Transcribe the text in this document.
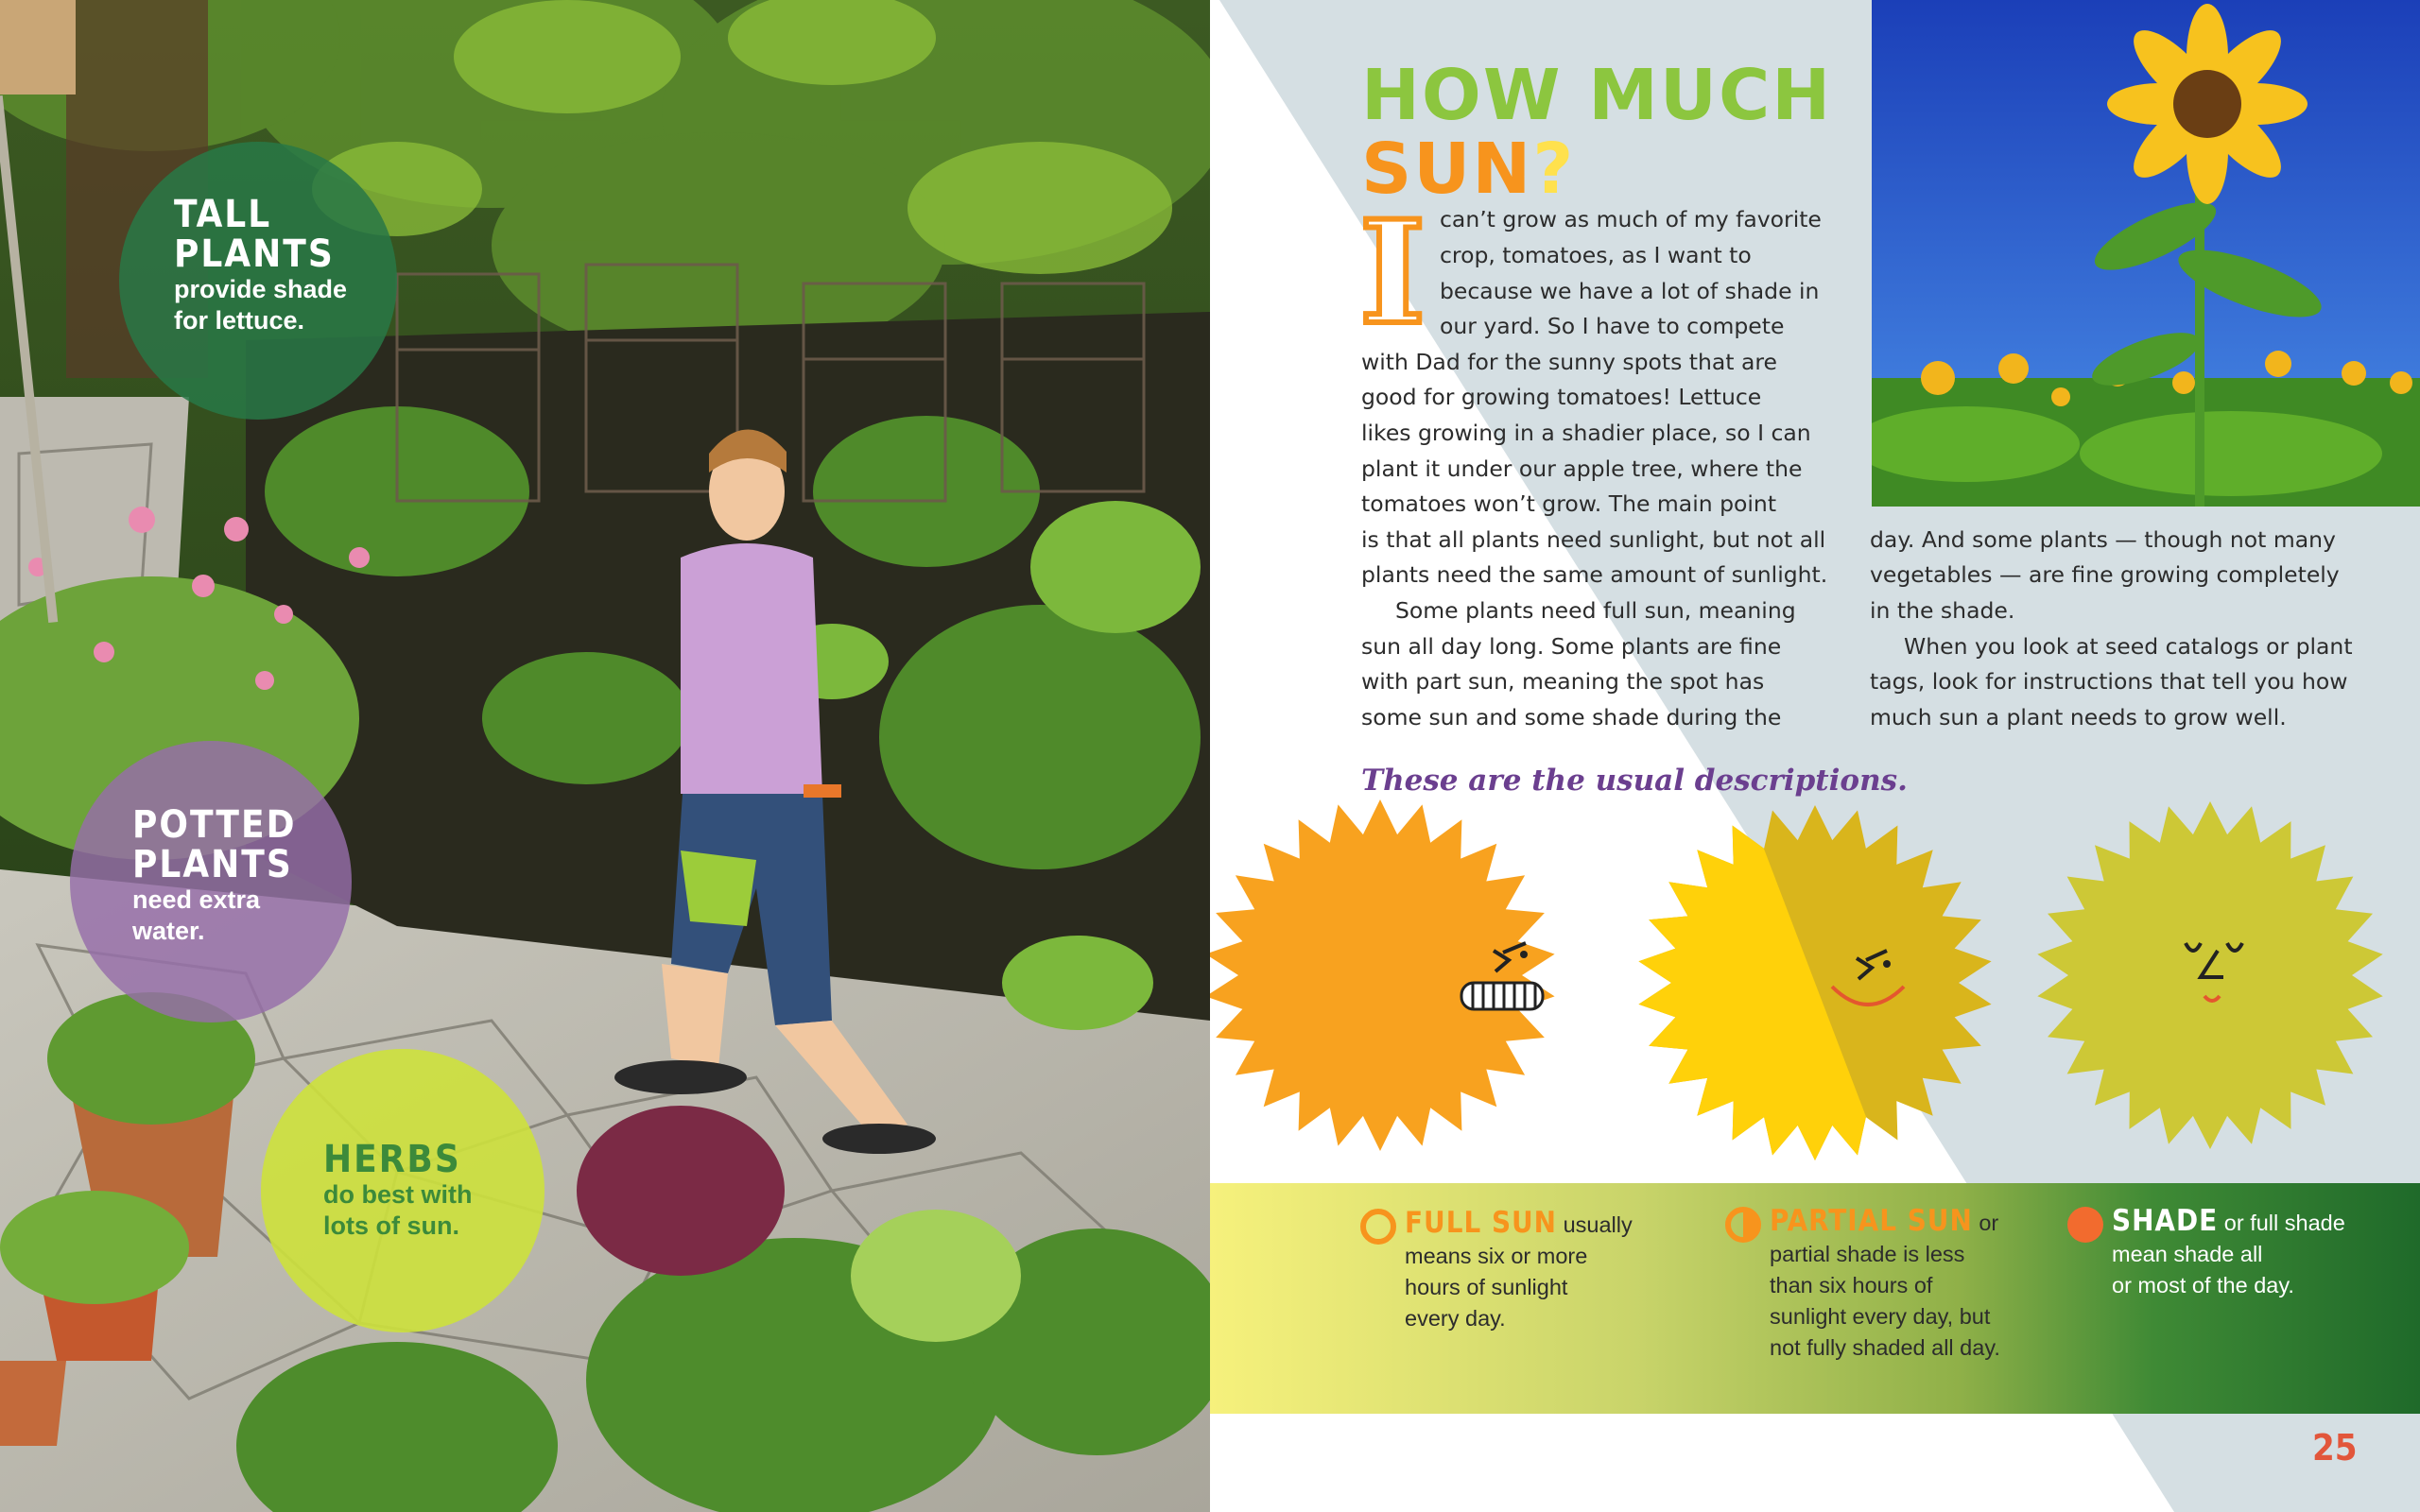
TALL
PLANTS
provide shade
for lettuce.
POTTED
PLANTS
need extra
water.
HERBS
do best with
lots of sun.
HOW MUCH
SUN?
I can’t grow as much of my favorite
crop, tomatoes, as I want to
because we have a lot of shade in
our yard. So I have to compete
with Dad for the sunny spots that are
good for growing tomatoes! Lettuce
likes growing in a shadier place, so I can
plant it under our apple tree, where the
tomatoes won’t grow. The main point
is that all plants need sunlight, but not all
plants need the same amount of sunlight.
Some plants need full sun, meaning
sun all day long. Some plants are fine
with part sun, meaning the spot has
some sun and some shade during the
day. And some plants — though not many
vegetables — are fine growing completely
in the shade.
When you look at seed catalogs or plant
tags, look for instructions that tell you how
much sun a plant needs to grow well.
These are the usual descriptions.
FULL SUN usually
means six or more
hours of sunlight
every day.
PARTIAL SUN or
partial shade is less
than six hours of
sunlight every day, but
not fully shaded all day.
SHADE or full shade
mean shade all
or most of the day.
25
